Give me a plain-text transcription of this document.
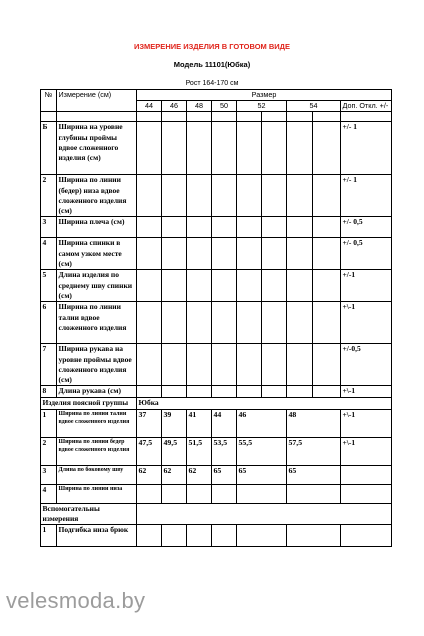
ИЗМЕРЕНИЕ ИЗДЕЛИЯ В ГОТОВОМ ВИДЕ
Модель 11101(Юбка)
Рост 164-170 см
№	Измерение (см)	Размер								
		44	46	48	50	52		54		Доп. Откл. +/-

Б	Ширина на уровне глубины проймы вдвое сложенного изделия (см)									+/- 1
2	Ширина по линии (бедер) низа вдвое сложенного изделия (см)									+/- 1
3	Ширина плеча (см)									+/- 0,5
4	Ширина спинки в самом узком месте (см)									+/- 0,5
5	Длина изделия по среднему шву спинки (см)									+/-1
6	Ширина по линии талии вдвое сложенного изделия									+\-1
7	Ширина рукава на уровне проймы вдвое сложенного изделия (см)									+/-0,5
8	Длина рукава (см)									+\-1
Изделия поясной группы		Юбка								
1	Ширина по линии талии вдвое сложенного изделия	37	39	41	44	46		48		+\-1
2	Ширина по линии бедер вдвое сложенного изделия	47,5	49,5	51,5	53,5	55,5		57,5		+\-1
3	Длина по боковому шву	62	62	62	65	65		65		
4	Ширина по линии низа									
Вспомогательны измерения										
1	Подгибка низа брюк									
velesmoda.by
